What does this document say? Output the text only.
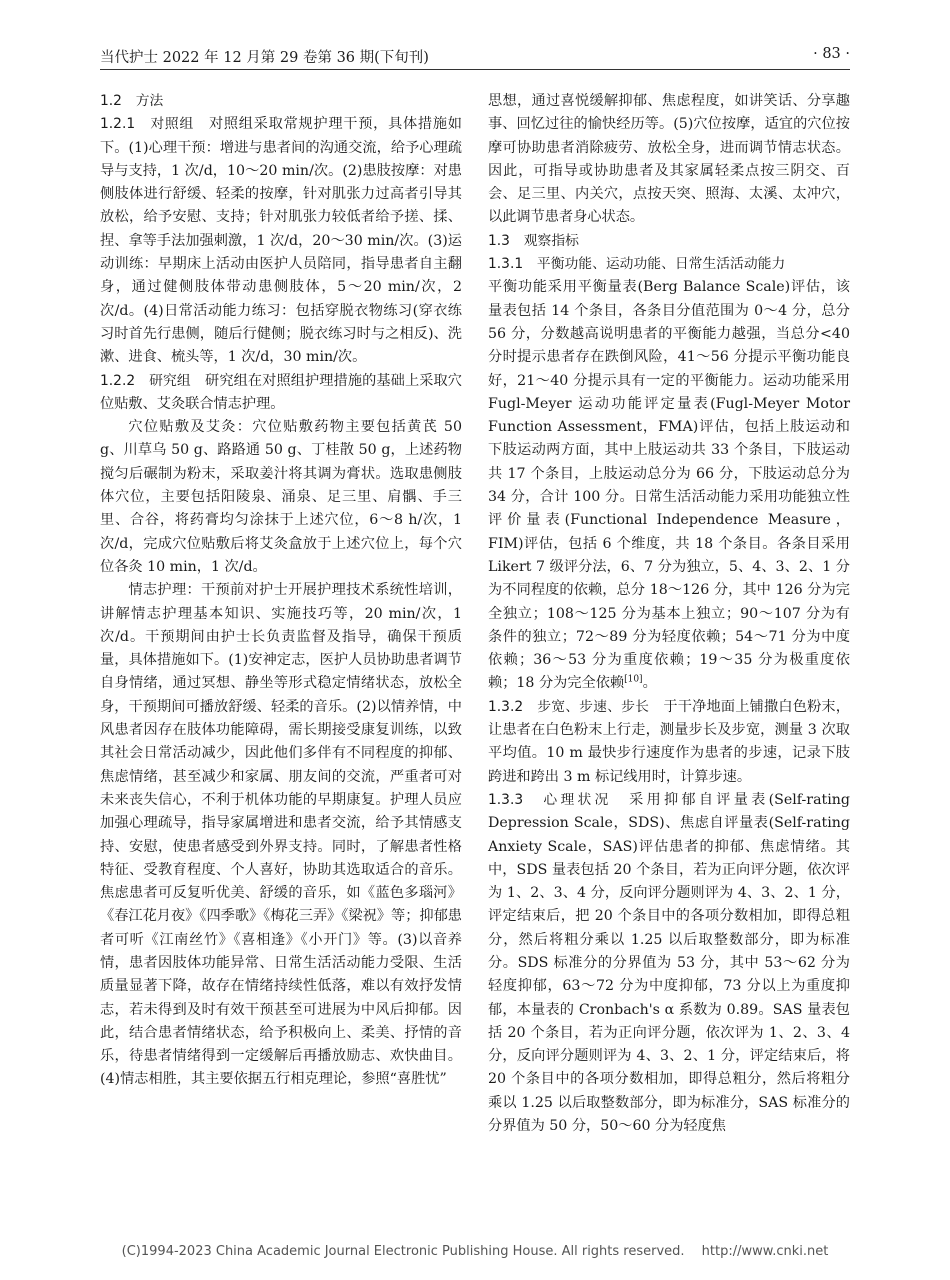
当代护士 2022 年 12 月第 29 卷第 36 期(下旬刊)	· 83 ·

1.2　方法

1.2.1　对照组　 对照组采取常规护理干预，具体措施如下。(1)心理干预：增进与患者间的沟通交流，给予心理疏导与支持，1 次/d，10～20 min/次。(2)患肢按摩：对患侧肢体进行舒缓、轻柔的按摩，针对肌张力过高者引导其放松，给予安慰、支持；针对肌张力较低者给予搓、揉、捏、拿等手法加强刺激，1 次/d，20～30 min/次。(3)运动训练：早期床上活动由医护人员陪同，指导患者自主翻身，通过健侧肢体带动患侧肢体，5～20 min/次，2 次/d。(4)日常活动能力练习：包括穿脱衣物练习(穿衣练习时首先行患侧，随后行健侧；脱衣练习时与之相反)、洗漱、进食、梳头等，1 次/d，30 min/次。

1.2.2　研究组　 研究组在对照组护理措施的基础上采取穴位贴敷、艾灸联合情志护理。

穴位贴敷及艾灸：穴位贴敷药物主要包括黄芪 50 g、川草乌 50 g、路路通 50 g、丁桂散 50 g，上述药物搅匀后碾制为粉末，采取姜汁将其调为膏状。选取患侧肢体穴位，主要包括阳陵泉、涌泉、足三里、肩髃、手三里、合谷，将药膏均匀涂抹于上述穴位，6～8 h/次，1 次/d，完成穴位贴敷后将艾灸盒放于上述穴位上，每个穴位各灸 10 min，1 次/d。

情志护理：干预前对护士开展护理技术系统性培训，讲解情志护理基本知识、实施技巧等，20 min/次，1 次/d。干预期间由护士长负责监督及指导，确保干预质量，具体措施如下。(1)安神定志，医护人员协助患者调节自身情绪，通过冥想、静坐等形式稳定情绪状态，放松全身，干预期间可播放舒缓、轻柔的音乐。(2)以情养情，中风患者因存在肢体功能障碍，需长期接受康复训练，以致其社会日常活动减少，因此他们多伴有不同程度的抑郁、焦虑情绪，甚至减少和家属、朋友间的交流，严重者可对未来丧失信心，不利于机体功能的早期康复。护理人员应加强心理疏导，指导家属增进和患者交流，给予其情感支持、安慰，使患者感受到外界支持。同时，了解患者性格特征、受教育程度、个人喜好，协助其选取适合的音乐。焦虑患者可反复听优美、舒缓的音乐，如《蓝色多瑙河》《春江花月夜》《四季歌》《梅花三弄》《梁祝》等；抑郁患者可听《江南丝竹》《喜相逢》《小开门》等。(3)以音养情，患者因肢体功能异常、日常生活活动能力受限、生活质量显著下降，故存在情绪持续性低落，难以有效抒发情志，若未得到及时有效干预甚至可进展为中风后抑郁。因此，结合患者情绪状态，给予积极向上、柔美、抒情的音乐，待患者情绪得到一定缓解后再播放励志、欢快曲目。(4)情志相胜，其主要依据五行相克理论，参照“喜胜忧”

思想，通过喜悦缓解抑郁、焦虑程度，如讲笑话、分享趣事、回忆过往的愉快经历等。(5)穴位按摩，适宜的穴位按摩可协助患者消除疲劳、放松全身，进而调节情志状态。因此，可指导或协助患者及其家属轻柔点按三阴交、百会、足三里、内关穴，点按天突、照海、太溪、太冲穴，以此调节患者身心状态。

1.3　观察指标

1.3.1　平衡功能、运动功能、日常生活活动能力

平衡功能采用平衡量表(Berg Balance Scale)评估，该量表包括 14 个条目，各条目分值范围为 0～4 分，总分 56 分，分数越高说明患者的平衡能力越强，当总分<40 分时提示患者存在跌倒风险，41～56 分提示平衡功能良好，21～40 分提示具有一定的平衡能力。运动功能采用 Fugl-Meyer 运动功能评定量表(Fugl-Meyer Motor Function Assessment，FMA)评估，包括上肢运动和下肢运动两方面，其中上肢运动共 33 个条目，下肢运动共 17 个条目，上肢运动总分为 66 分，下肢运动总分为 34 分，合计 100 分。日常生活活动能力采用功能独立性评价量表(Functional Independence Measure，FIM)评估，包括 6 个维度，共 18 个条目。各条目采用 Likert 7 级评分法，6、7 分为独立，5、4、3、2、1 分为不同程度的依赖，总分 18～126 分，其中 126 分为完全独立；108～125 分为基本上独立；90～107 分为有条件的独立；72～89 分为轻度依赖；54～71 分为中度依赖；36～53 分为重度依赖；19～35 分为极重度依赖；18 分为完全依赖[10]。

1.3.2　步宽、步速、步长　 于干净地面上铺撒白色粉末，让患者在白色粉末上行走，测量步长及步宽，测量 3 次取平均值。10 m 最快步行速度作为患者的步速，记录下肢跨进和跨出 3 m 标记线用时，计算步速。

1.3.3　心理状况　 采用抑郁自评量表(Self-rating Depression Scale，SDS)、焦虑自评量表(Self-rating Anxiety Scale，SAS)评估患者的抑郁、焦虑情绪。其中，SDS 量表包括 20 个条目，若为正向评分题，依次评为 1、2、3、4 分，反向评分题则评为 4、3、2、1 分，评定结束后，把 20 个条目中的各项分数相加，即得总粗分，然后将粗分乘以 1.25 以后取整数部分，即为标准分。SDS 标准分的分界值为 53 分，其中 53～62 分为轻度抑郁，63～72 分为中度抑郁，73 分以上为重度抑郁，本量表的 Cronbach's α 系数为 0.89。SAS 量表包括 20 个条目，若为正向评分题，依次评为 1、2、3、4 分，反向评分题则评为 4、3、2、1 分，评定结束后，将 20 个条目中的各项分数相加，即得总粗分，然后将粗分乘以 1.25 以后取整数部分，即为标准分，SAS 标准分的分界值为 50 分，50～60 分为轻度焦

(C)1994-2023 China Academic Journal Electronic Publishing House. All rights reserved.　 http://www.cnki.net
